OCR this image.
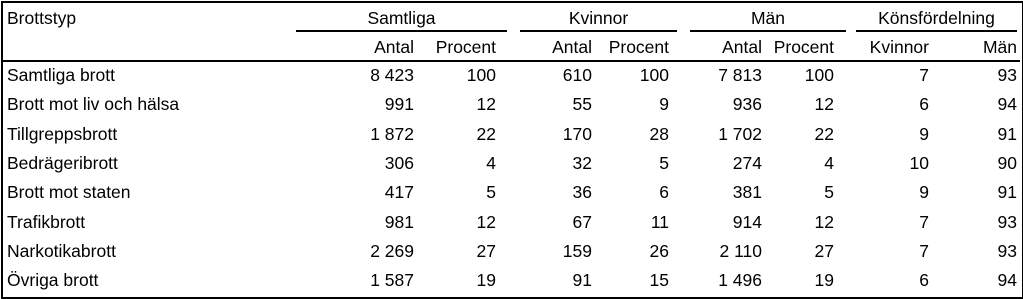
Brottstyp	Samtliga	Kvinnor	Män	Könsfördelning
Antal	Procent	Antal Procent	Antal Procent	Kvinnor	Män
Samtliga brott	8 423	100	610	100	7 813	100	7	93
Brott mot liv och hälsa	991	12	55	9	936	12	6	94
Tillgreppsbrott	1 872	22	170	28	1 702	22	9	91
Bedrägeribrott	306	4	32	5	274	4	10	90
Brott mot staten	417	5	36	6	381	5	9	91
Trafikbrott	981	12	67	11	914	12	7	93
Narkotikabrott	2 269	27	159	26	2 110	27	7	93
Övriga brott	1 587	19	91	15	1 496	19	6	94
